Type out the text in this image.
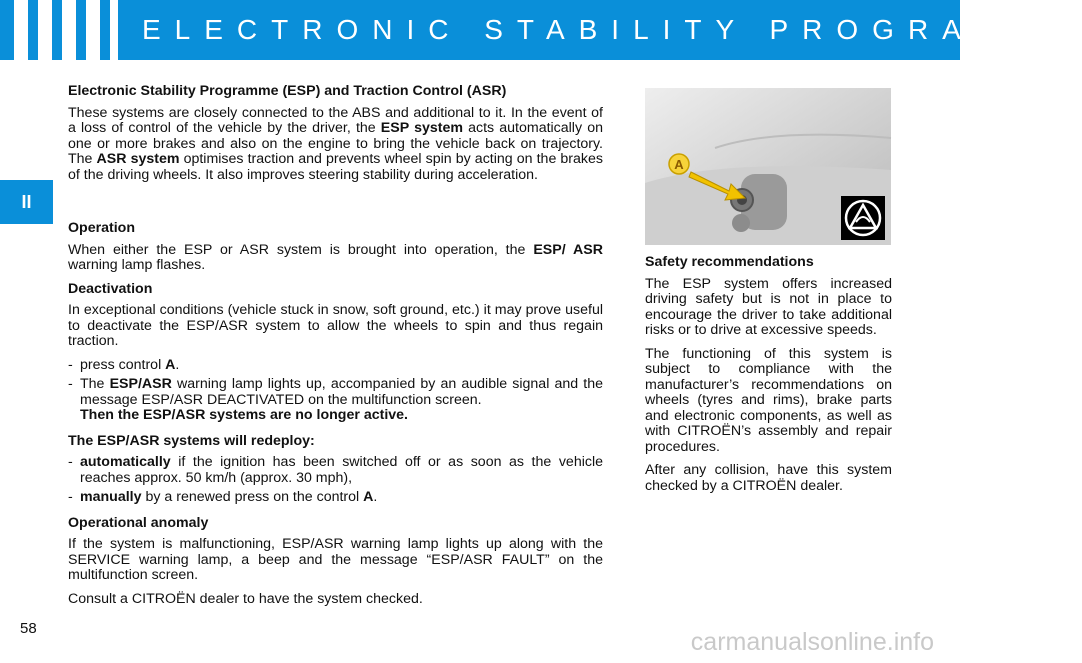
ELECTRONIC STABILITY PROGRAMME
II
Electronic Stability Programme (ESP) and Traction Control (ASR)

These systems are closely connected to the ABS and additional to it. In the event of a loss of control of the vehicle by the driver, the ESP system acts automatically on one or more brakes and also on the engine to bring the vehicle back on trajectory. The ASR system optimises traction and prevents wheel spin by acting on the brakes of the driving wheels. It also improves steering stability during acceleration.

Operation

When either the ESP or ASR system is brought into operation, the ESP/ ASR warning lamp flashes.

Deactivation

In exceptional conditions (vehicle stuck in snow, soft ground, etc.) it may prove useful to deactivate the ESP/ASR system to allow the wheels to spin and thus regain traction.

- press control A.
- The ESP/ASR warning lamp lights up, accompanied by an audible signal and the message ESP/ASR DEACTIVATED on the multifunction screen.
Then the ESP/ASR systems are no longer active.
The ESP/ASR systems will redeploy:
- automatically if the ignition has been switched off or as soon as the vehicle reaches approx. 50 km/h (approx. 30 mph),
- manually by a renewed press on the control A.
Operational anomaly

If the system is malfunctioning, ESP/ASR warning lamp lights up along with the SERVICE warning lamp, a beep and the message “ESP/ASR FAULT” on the multifunction screen.

Consult a CITROËN dealer to have the system checked.

A
Safety recommendations

The ESP system offers increased driving safety but is not in place to encourage the driver to take additional risks or to drive at excessive speeds.

The functioning of this system is subject to compliance with the manufacturer’s recommendations on wheels (tyres and rims), brake parts and electronic components, as well as with CITROËN’s assembly and repair procedures.

After any collision, have this system checked by a CITROËN dealer.

58	carmanualsonline.info
